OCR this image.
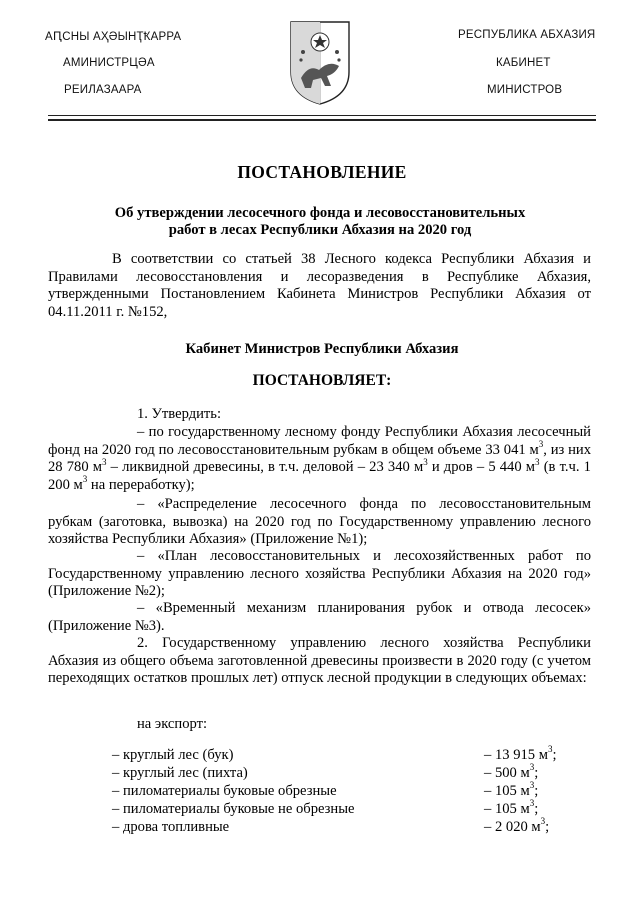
АԤСНЫ АҲӘЫНҬҞАРРА
АМИНИСТРЦӘА
РЕИЛАЗААРА
РЕСПУБЛИКА АБХАЗИЯ
КАБИНЕТ
МИНИСТРОВ
ПОСТАНОВЛЕНИЕ
Об утверждении лесосечного фонда и лесовосстановительных
работ в лесах Республики Абхазия на 2020 год
В соответствии со статьей 38 Лесного кодекса Республики Абхазия и Правилами лесовосстановления и лесоразведения в Республике Абхазия, утвержденными Постановлением Кабинета Министров Республики Абхазия от 04.11.2011 г. №152,
Кабинет Министров Республики Абхазия
ПОСТАНОВЛЯЕТ:
1. Утвердить:
– по государственному лесному фонду Республики Абхазия лесосечный фонд на 2020 год по лесовосстановительным рубкам в общем объеме 33 041 $м^3$, из них 28 780 $м^3$ – ликвидной древесины, в т.ч. деловой – 23 340 $м^3$ и дров – 5 440 $м^3$ (в т.ч. 1 200 $м^3$ на переработку);
– «Распределение лесосечного фонда по лесовосстановительным рубкам (заготовка, вывозка) на 2020 год по Государственному управлению лесного хозяйства Республики Абхазия» (Приложение №1);
– «План лесовосстановительных и лесохозяйственных работ по Государственному управлению лесного хозяйства Республики Абхазия на 2020 год» (Приложение №2);
– «Временный механизм планирования рубок и отвода лесосек» (Приложение №3).
2. Государственному управлению лесного хозяйства Республики Абхазия из общего объема заготовленной древесины произвести в 2020 году (с учетом переходящих остатков прошлых лет) отпуск лесной продукции в следующих объемах:
на экспорт:
– круглый лес (бук)	– 13 915 $м^3$;
– круглый лес (пихта)	– 500 $м^3$;
– пиломатериалы буковые обрезные	– 105 $м^3$;
– пиломатериалы буковые не обрезные	– 105 $м^3$;
– дрова топливные	– 2 020 $м^3$;
